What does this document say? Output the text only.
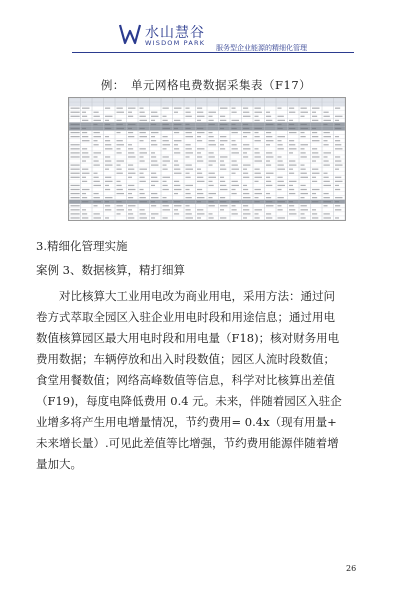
水山慧谷
WISDOM PARK
服务型企业能源的精细化管理
例：　单元网格电费数据采集表（F17）
3.精细化管理实施
案例 3、数据核算，精打细算
　　对比核算大工业用电改为商业用电，采用方法：通过问
卷方式萃取全园区入驻企业用电时段和用途信息；通过用电
数值核算园区最大用电时段和用电量（F18)；核对财务用电
费用数据；车辆停放和出入时段数值；园区人流时段数值；
食堂用餐数值；网络高峰数值等信息，科学对比核算出差值
（F19)，每度电降低费用 0.4 元。未来，伴随着园区入驻企
业增多将产生用电增量情况，节约费用= 0.4x（现有用量+
未来增长量）.可见此差值等比增强，节约费用能源伴随着增
量加大。
26
